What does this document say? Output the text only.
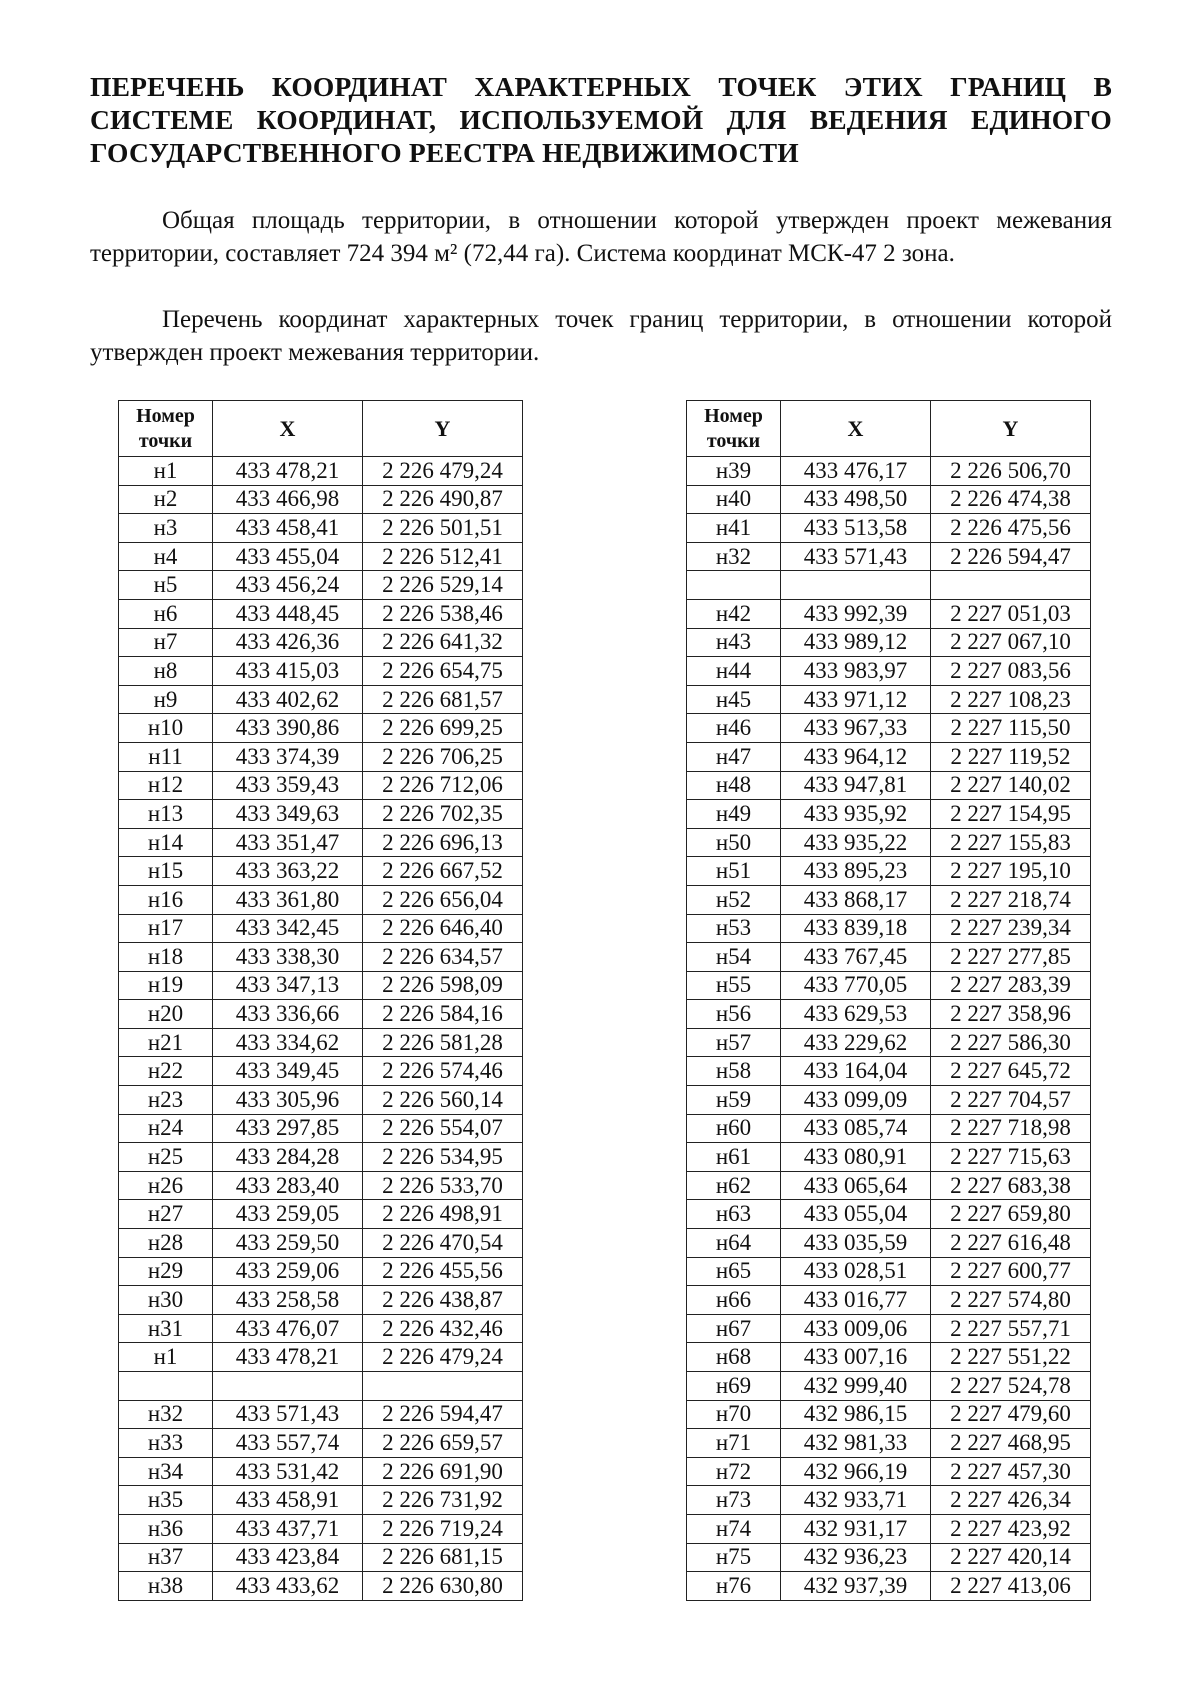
ПЕРЕЧЕНЬ КООРДИНАТ ХАРАКТЕРНЫХ ТОЧЕК ЭТИХ ГРАНИЦ В СИСТЕМЕ КООРДИНАТ, ИСПОЛЬЗУЕМОЙ ДЛЯ ВЕДЕНИЯ ЕДИНОГО ГОСУДАРСТВЕННОГО РЕЕСТРА НЕДВИЖИМОСТИ
Общая площадь территории, в отношении которой утвержден проект межевания территории, составляет 724 394 м² (72,44 га). Система координат МСК-47 2 зона.
Перечень координат характерных точек границ территории, в отношении которой утвержден проект межевания территории.
Номер
точки	X	Y
н1	433 478,21	2 226 479,24
н2	433 466,98	2 226 490,87
н3	433 458,41	2 226 501,51
н4	433 455,04	2 226 512,41
н5	433 456,24	2 226 529,14
н6	433 448,45	2 226 538,46
н7	433 426,36	2 226 641,32
н8	433 415,03	2 226 654,75
н9	433 402,62	2 226 681,57
н10	433 390,86	2 226 699,25
н11	433 374,39	2 226 706,25
н12	433 359,43	2 226 712,06
н13	433 349,63	2 226 702,35
н14	433 351,47	2 226 696,13
н15	433 363,22	2 226 667,52
н16	433 361,80	2 226 656,04
н17	433 342,45	2 226 646,40
н18	433 338,30	2 226 634,57
н19	433 347,13	2 226 598,09
н20	433 336,66	2 226 584,16
н21	433 334,62	2 226 581,28
н22	433 349,45	2 226 574,46
н23	433 305,96	2 226 560,14
н24	433 297,85	2 226 554,07
н25	433 284,28	2 226 534,95
н26	433 283,40	2 226 533,70
н27	433 259,05	2 226 498,91
н28	433 259,50	2 226 470,54
н29	433 259,06	2 226 455,56
н30	433 258,58	2 226 438,87
н31	433 476,07	2 226 432,46
н1	433 478,21	2 226 479,24

н32	433 571,43	2 226 594,47
н33	433 557,74	2 226 659,57
н34	433 531,42	2 226 691,90
н35	433 458,91	2 226 731,92
н36	433 437,71	2 226 719,24
н37	433 423,84	2 226 681,15
н38	433 433,62	2 226 630,80
Номер
точки	X	Y
н39	433 476,17	2 226 506,70
н40	433 498,50	2 226 474,38
н41	433 513,58	2 226 475,56
н32	433 571,43	2 226 594,47

н42	433 992,39	2 227 051,03
н43	433 989,12	2 227 067,10
н44	433 983,97	2 227 083,56
н45	433 971,12	2 227 108,23
н46	433 967,33	2 227 115,50
н47	433 964,12	2 227 119,52
н48	433 947,81	2 227 140,02
н49	433 935,92	2 227 154,95
н50	433 935,22	2 227 155,83
н51	433 895,23	2 227 195,10
н52	433 868,17	2 227 218,74
н53	433 839,18	2 227 239,34
н54	433 767,45	2 227 277,85
н55	433 770,05	2 227 283,39
н56	433 629,53	2 227 358,96
н57	433 229,62	2 227 586,30
н58	433 164,04	2 227 645,72
н59	433 099,09	2 227 704,57
н60	433 085,74	2 227 718,98
н61	433 080,91	2 227 715,63
н62	433 065,64	2 227 683,38
н63	433 055,04	2 227 659,80
н64	433 035,59	2 227 616,48
н65	433 028,51	2 227 600,77
н66	433 016,77	2 227 574,80
н67	433 009,06	2 227 557,71
н68	433 007,16	2 227 551,22
н69	432 999,40	2 227 524,78
н70	432 986,15	2 227 479,60
н71	432 981,33	2 227 468,95
н72	432 966,19	2 227 457,30
н73	432 933,71	2 227 426,34
н74	432 931,17	2 227 423,92
н75	432 936,23	2 227 420,14
н76	432 937,39	2 227 413,06
